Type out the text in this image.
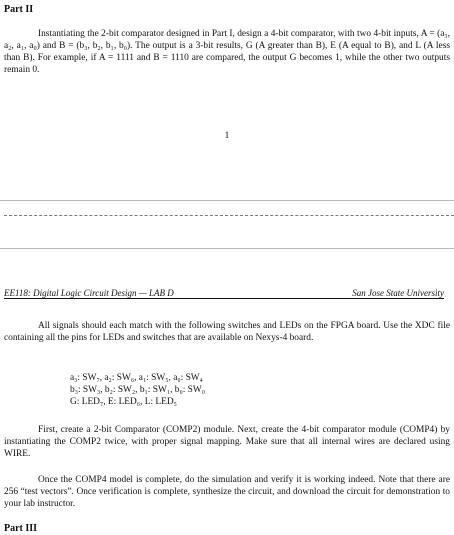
Part II
Instantiating the 2-bit comparator designed in Part I, design a 4-bit comparator, with two 4-bit inputs, A = (a₃, a₂, a₁, a₀) and B = (b₃, b₂, b₁, b₀). The output is a 3-bit results, G (A greater than B), E (A equal to B), and L (A less than B). For example, if A = 1111 and B = 1110 are compared, the output G becomes 1, while the other two outputs remain 0.
1
EE118: Digital Logic Circuit Design — LAB D	San Jose State University
All signals should each match with the following switches and LEDs on the FPGA board. Use the XDC file containing all the pins for LEDs and switches that are available on Nexys-4 board.
a₃: SW₇, a₂: SW₆, a₁: SW₅, a₀: SW₄
b₃: SW₃, b₂: SW₂, b₁: SW₁, b₀: SW₀
G: LED₇, E: LED₆, L: LED₅
First, create a 2-bit Comparator (COMP2) module. Next, create the 4-bit comparator module (COMP4) by instantiating the COMP2 twice, with proper signal mapping. Make sure that all internal wires are declared using WIRE.
Once the COMP4 model is complete, do the simulation and verify it is working indeed. Note that there are 256 “test vectors”. Once verification is complete, synthesize the circuit, and download the circuit for demonstration to your lab instructor.
Part III
